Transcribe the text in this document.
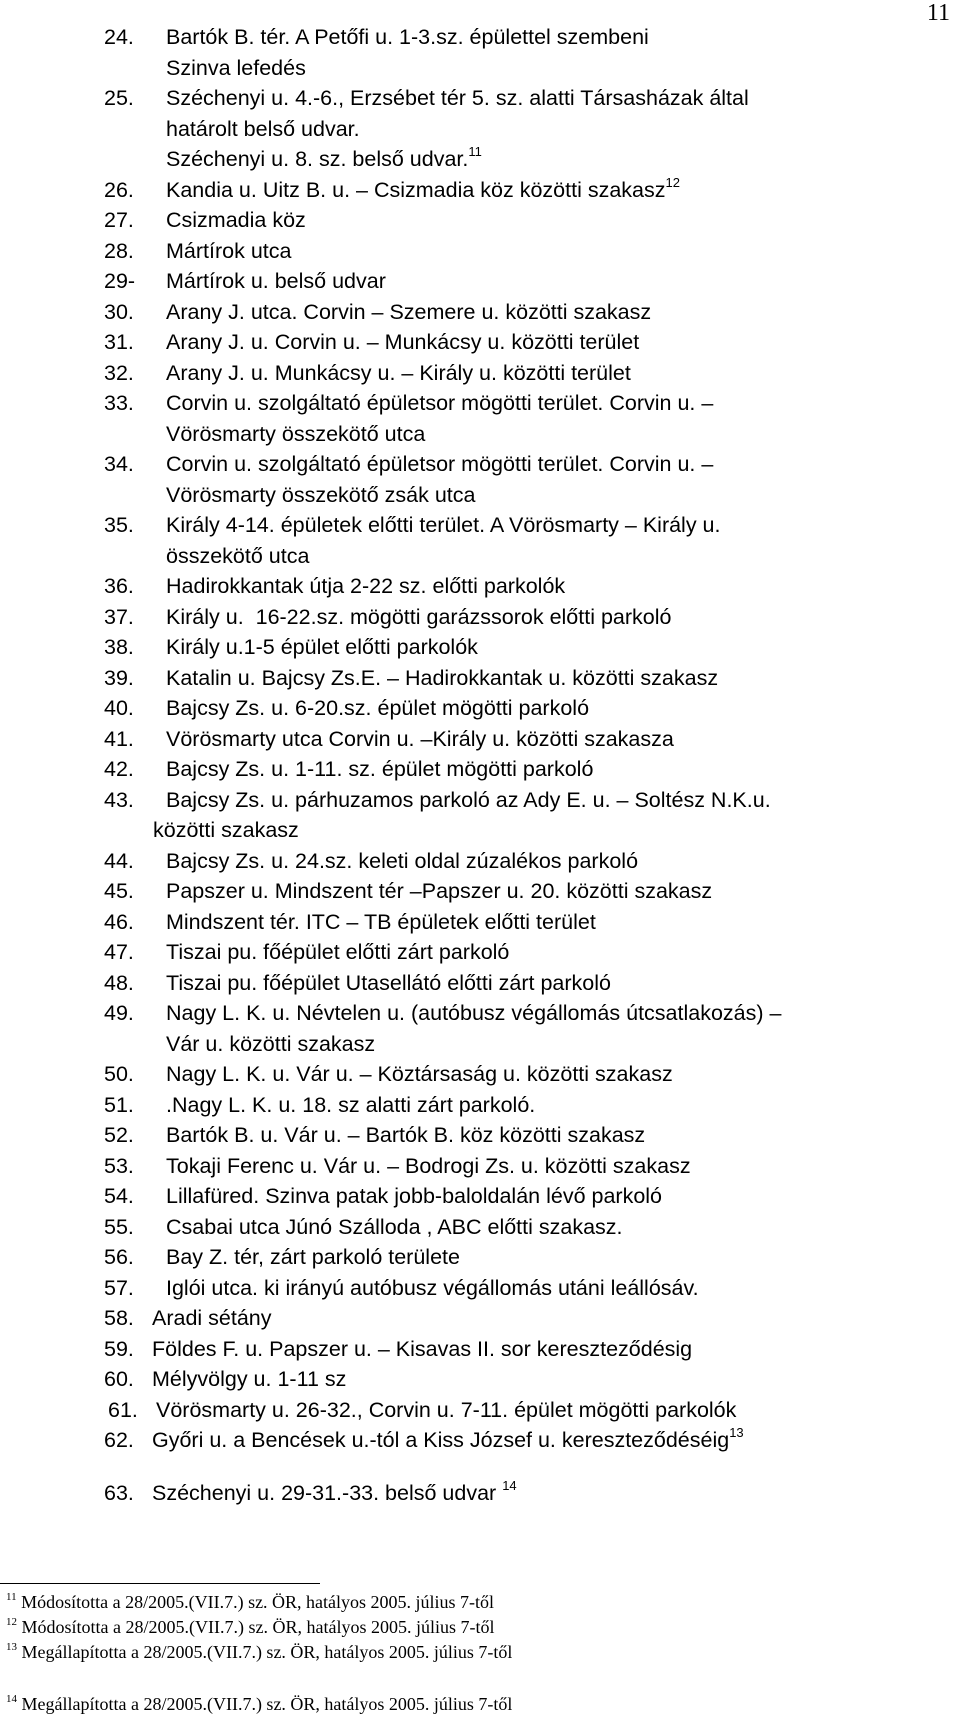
11
24.	Bartók B. tér. A Petőfi u. 1-3.sz. épülettel szembeni
Szinva lefedés
25.	Széchenyi u. 4.-6., Erzsébet tér 5. sz. alatti Társasházak által
határolt belső udvar.
Széchenyi u. 8. sz. belső udvar.$^{11}$
26.	Kandia u. Uitz B. u. – Csizmadia köz közötti szakasz$^{12}$
27.	Csizmadia köz
28.	Mártírok utca
29-	Mártírok u. belső udvar
30.	Arany J. utca. Corvin – Szemere u. közötti szakasz
31.	Arany J. u. Corvin u. – Munkácsy u. közötti terület
32.	Arany J. u. Munkácsy u. – Király u. közötti terület
33.	Corvin u. szolgáltató épületsor mögötti terület. Corvin u. –
Vörösmarty összekötő utca
34.	Corvin u. szolgáltató épületsor mögötti terület. Corvin u. –
Vörösmarty összekötő zsák utca
35.	Király 4-14. épületek előtti terület. A Vörösmarty – Király u.
összekötő utca
36.	Hadirokkantak útja 2-22 sz. előtti parkolók
37.	Király u.  16-22.sz. mögötti garázssorok előtti parkoló
38.	Király u.1-5 épület előtti parkolók
39.	Katalin u. Bajcsy Zs.E. – Hadirokkantak u. közötti szakasz
40.	Bajcsy Zs. u. 6-20.sz. épület mögötti parkoló
41.	Vörösmarty utca Corvin u. –Király u. közötti szakasza
42.	Bajcsy Zs. u. 1-11. sz. épület mögötti parkoló
43.	Bajcsy Zs. u. párhuzamos parkoló az Ady E. u. – Soltész N.K.u.
közötti szakasz
44.	Bajcsy Zs. u. 24.sz. keleti oldal zúzalékos parkoló
45.	Papszer u. Mindszent tér –Papszer u. 20. közötti szakasz
46.	Mindszent tér. ITC – TB épületek előtti terület
47.	Tiszai pu. főépület előtti zárt parkoló
48.	Tiszai pu. főépület Utasellátó előtti zárt parkoló
49.	Nagy L. K. u. Névtelen u. (autóbusz végállomás útcsatlakozás) –
Vár u. közötti szakasz
50.	Nagy L. K. u. Vár u. – Köztársaság u. közötti szakasz
51.	.Nagy L. K. u. 18. sz alatti zárt parkoló.
52.	Bartók B. u. Vár u. – Bartók B. köz közötti szakasz
53.	Tokaji Ferenc u. Vár u. – Bodrogi Zs. u. közötti szakasz
54.	Lillafüred. Szinva patak jobb-baloldalán lévő parkoló
55.	Csabai utca Júnó Szálloda , ABC előtti szakasz.
56.	Bay Z. tér, zárt parkoló területe
57.	Iglói utca. ki irányú autóbusz végállomás utáni leállósáv.
58. Aradi sétány
59. Földes F. u. Papszer u. – Kisavas II. sor kereszteződésig
60. Mélyvölgy u. 1-11 sz
61. Vörösmarty u. 26-32., Corvin u. 7-11. épület mögötti parkolók
62. Győri u. a Bencések u.-tól a Kiss József u. kereszteződéséig$^{13}$
63. Széchenyi u. 29-31.-33. belső udvar $^{14}$
$^{11}$ Módosította a 28/2005.(VII.7.) sz. ÖR, hatályos 2005. július 7-től
$^{12}$ Módosította a 28/2005.(VII.7.) sz. ÖR, hatályos 2005. július 7-től
$^{13}$ Megállapította a 28/2005.(VII.7.) sz. ÖR, hatályos 2005. július 7-től
$^{14}$ Megállapította a 28/2005.(VII.7.) sz. ÖR, hatályos 2005. július 7-től
